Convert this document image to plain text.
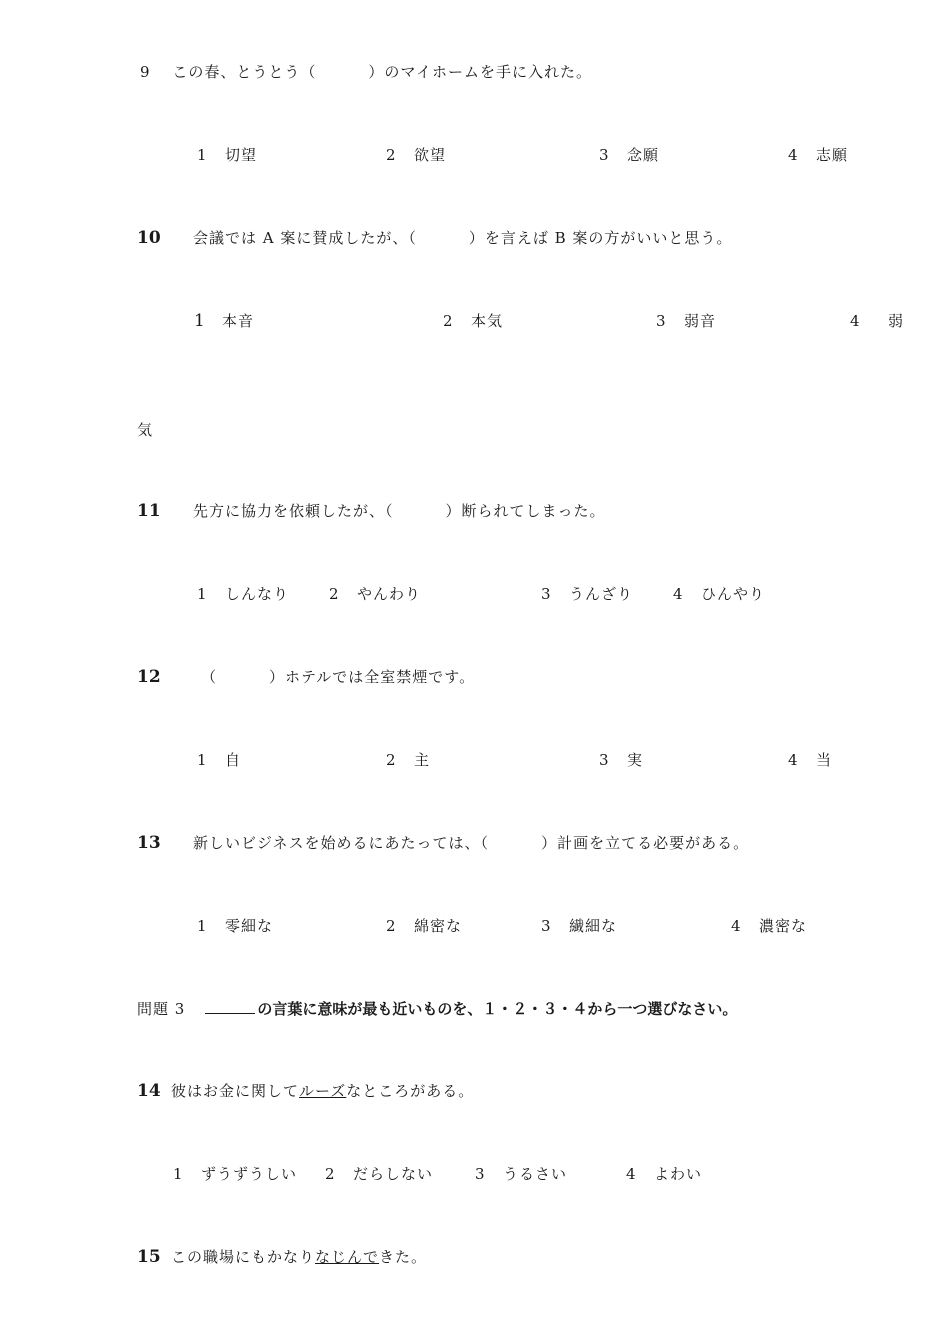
9　 この春、とうとう（	）のマイホームを手に入れた。
1 切望	2 欲望	3 念願	4 志願
10 会議では A 案に賛成したが、（	）を言えば B 案の方がいいと思う。
1 本音	2 本気	3 弱音	4 弱
気
11 先方に協力を依頼したが、（	）断られてしまった。
1 しんなり	2 やんわり	3 うんざり	4 ひんやり
12	（	）ホテルでは全室禁煙です。
1 自	2 主	3 実	4 当
13 新しいビジネスを始めるにあたっては、（	）計画を立てる必要がある。
1 零細な	2 綿密な	3 繊細な	4 濃密な
問題 3	の言葉に意味が最も近いものを、１・２・３・４から一つ選びなさい。
14 彼はお金に関してルーズなところがある。
1 ずうずうしい 2 だらしない	3 うるさい	4 よわい
15 この職場にもかなりなじんできた。
